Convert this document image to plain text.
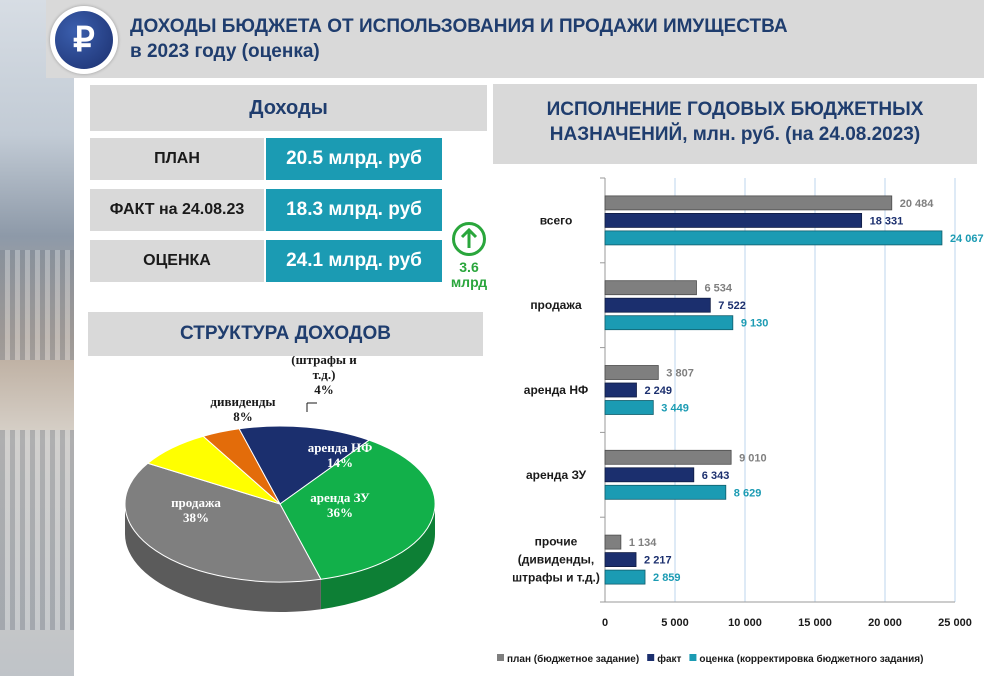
₽	ДОХОДЫ БЮДЖЕТА ОТ ИСПОЛЬЗОВАНИЯ И ПРОДАЖИ ИМУЩЕСТВА
в 2023 году (оценка)
Доходы
ПЛАН	20.5 млрд. руб
ФАКТ на 24.08.23	18.3 млрд. руб
ОЦЕНКА	24.1 млрд. руб	3.6
млрд
СТРУКТУРА ДОХОДОВ
аренда НФ 14%
аренда ЗУ 36%
продажа 38%
дивиденды 8%
(штрафы и т.д.) 4%
ИСПОЛНЕНИЕ ГОДОВЫХ БЮДЖЕТНЫХ
НАЗНАЧЕНИЙ, млн. руб. (на 24.08.2023)
0	5 000	10 000	15 000	20 000	25 000
всего
20 484
18 331
24 067
продажа
6 534
7 522
9 130
аренда НФ
3 807
2 249
3 449
аренда ЗУ
9 010
6 343
8 629
прочие (дивиденды, штрафы и т.д.)
1 134
2 217
2 859
план (бюджетное задание) факт оценка (корректировка бюджетного задания)
